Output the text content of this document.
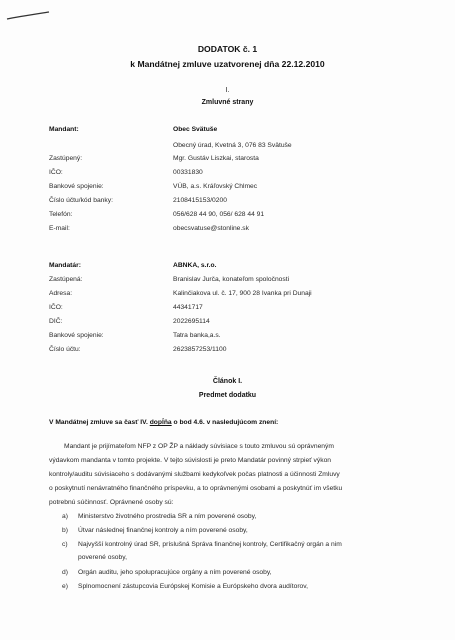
DODATOK č. 1
k Mandátnej zmluve uzatvorenej dňa 22.12.2010
I.
Zmluvné strany
Mandant:	Obec Svätuše
Obecný úrad, Kvetná 3, 076 83 Svätuše
Zastúpený:	Mgr. Gustáv Liszkai, starosta
IČO:	00331830
Bankové spojenie:	VÚB, a.s. Kráľovský Chlmec
Číslo účtu/kód banky:	2108415153/0200
Telefón:	056/628 44 90, 056/ 628 44 91
E-mail:	obecsvatuse@stonline.sk
Mandatár:	ABNKA, s.r.o.
Zastúpená:	Branislav Jurča, konateľom spoločnosti
Adresa:	Kalinčiakova ul. č. 17, 900 28 Ivanka pri Dunaji
IČO:	44341717
DIČ:	2022695114
Bankové spojenie:	Tatra banka,a.s.
Číslo účtu:	2623857253/1100
Článok I.
Predmet dodatku
V Mandátnej zmluve sa časť IV. dopĺňa o bod 4.6. v nasledujúcom znení:
Mandant je prijímateľom NFP z OP ŽP a náklady súvisiace s touto zmluvou sú oprávneným
výdavkom mandanta v tomto projekte. V tejto súvislosti je preto Mandatár povinný strpieť výkon
kontroly/auditu súvisiaceho s dodávanými službami kedykoľvek počas platnosti a účinnosti Zmluvy
o poskytnutí nenávratného finančného príspevku, a to oprávnenými osobami a poskytnúť im všetku
potrebnú súčinnosť. Oprávnené osoby sú:
a) Ministerstvo životného prostredia SR a ním poverené osoby,
b) Útvar následnej finančnej kontroly a ním poverené osoby,
c) Najvyšší kontrolný úrad SR, príslušná Správa finančnej kontroly, Certifikačný orgán a nim
poverené osoby,
d) Orgán auditu, jeho spolupracujúce orgány a ním poverené osoby,
e) Splnomocnení zástupcovia Európskej Komisie a Európskeho dvora audítorov,
